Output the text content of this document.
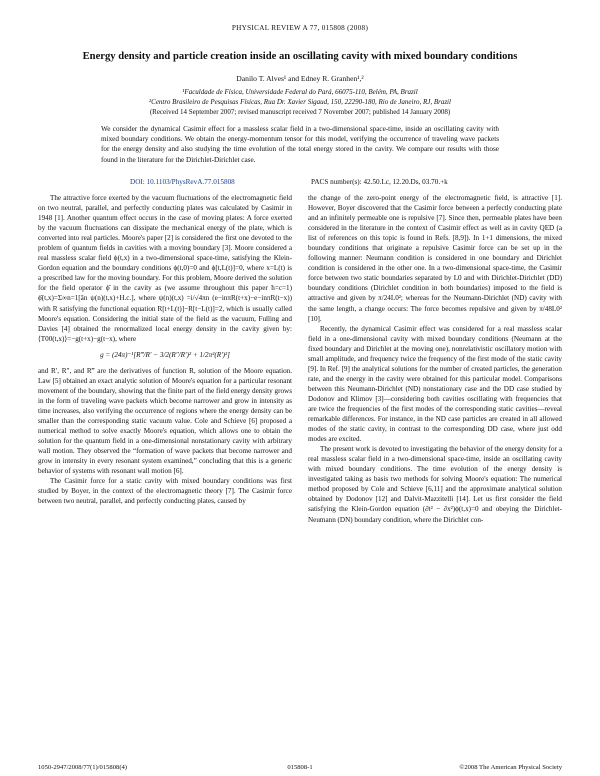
PHYSICAL REVIEW A 77, 015808 (2008)
Energy density and particle creation inside an oscillating cavity with mixed boundary conditions
Danilo T. Alves¹ and Edney R. Granhen¹,²
¹Faculdade de Física, Universidade Federal do Pará, 66075-110, Belém, PA, Brazil
²Centro Brasileiro de Pesquisas Físicas, Rua Dr. Xavier Sigaud, 150, 22290-180, Rio de Janeiro, RJ, Brazil
(Received 14 September 2007; revised manuscript received 7 November 2007; published 14 January 2008)
We consider the dynamical Casimir effect for a massless scalar field in a two-dimensional space-time, inside an oscillating cavity with mixed boundary conditions. We obtain the energy-momentum tensor for this model, verifying the occurrence of traveling wave packets for the energy density and also studying the time evolution of the total energy stored in the cavity. We compare our results with those found in the literature for the Dirichlet-Dirichlet case.
DOI: 10.1103/PhysRevA.77.015808	PACS number(s): 42.50.Lc, 12.20.Ds, 03.70.+k

The attractive force exerted by the vacuum fluctuations of the electromagnetic field on two neutral, parallel, and perfectly conducting plates was calculated by Casimir in 1948 [1]. Another quantum effect occurs in the case of moving plates: A force exerted by the vacuum fluctuations can dissipate the mechanical energy of the plate, which is converted into real particles. Moore's paper [2] is considered the first one devoted to the problem of quantum fields in cavities with a moving boundary [3]. Moore considered a real massless scalar field ϕ(t,x) in a two-dimensional space-time, satisfying the Klein-Gordon equation and the boundary conditions ϕ(t,0)=0 and ϕ[t,L(t)]=0, where x=L(t) is a prescribed law for the moving boundary. For this problem, Moore derived the solution for the field operator ϕ̂ in the cavity as (we assume throughout this paper ħ=c=1) ϕ̂(t,x)=Σ∞n=1[ân ψ(n)(t,x)+H.c.], where ψ(n)(t,x) =i/√4πn (e−inπR(t+x)−e−inπR(t−x)) with R satisfying the functional equation R[t+L(t)]−R[t−L(t)]=2, which is usually called Moore's equation. Considering the initial state of the field as the vacuum, Fulling and Davies [4] obtained the renormalized local energy density in the cavity given by: ⟨T00(t,x)⟩=−g(t+x)−g(t−x), where

g = (24π)⁻¹[R‴/R′ − 3/2(R″/R′)² + 1/2π²(R′)²]

and R′, R″, and R‴ are the derivatives of function R, solution of the Moore equation. Law [5] obtained an exact analytic solution of Moore's equation for a particular resonant movement of the boundary, showing that the finite part of the field energy density grows in the form of traveling wave packets which become narrower and grow in intensity as time increases, also verifying the occurrence of regions where the energy density can be smaller than the corresponding static vacuum value. Cole and Schieve [6] proposed a numerical method to solve exactly Moore's equation, which allows one to obtain the solution for the quantum field in a one-dimensional nonstationary cavity with arbitrary wall motion. They observed the “formation of wave packets that become narrower and grow in intensity in every resonant system examined,” concluding that this is a generic behavior of systems with resonant wall motion [6].

The Casimir force for a static cavity with mixed boundary conditions was first studied by Boyer, in the context of the electromagnetic theory [7]. The Casimir force between two neutral, parallel, and perfectly conducting plates, caused by

the change of the zero-point energy of the electromagnetic field, is attractive [1]. However, Boyer discovered that the Casimir force between a perfectly conducting plate and an infinitely permeable one is repulsive [7]. Since then, permeable plates have been considered in the literature in the context of Casimir effect as well as in cavity QED (a list of references on this topic is found in Refs. [8,9]). In 1+1 dimensions, the mixed boundary conditions that originate a repulsive Casimir force can be set up in the following manner: Neumann condition is considered in one boundary and Dirichlet condition is considered in the other one. In a two-dimensional space-time, the Casimir force between two static boundaries separated by L0 and with Dirichlet-Dirichlet (DD) boundary conditions (Dirichlet condition in both boundaries) imposed to the field is attractive and given by π/24L0²; whereas for the Neumann-Dirichlet (ND) cavity with the same length, a change occurs: The force becomes repulsive and given by π/48L0² [10].

Recently, the dynamical Casimir effect was considered for a real massless scalar field in a one-dimensional cavity with mixed boundary conditions (Neumann at the fixed boundary and Dirichlet at the moving one), nonrelativistic oscillatory motion with small amplitude, and frequency twice the frequency of the first mode of the static cavity [9]. In Ref. [9] the analytical solutions for the number of created particles, the generation rate, and the energy in the cavity were obtained for this particular model. Comparisons between this Neumann-Dirichlet (ND) nonstationary case and the DD case studied by Dodonov and Klimov [3]—considering both cavities oscillating with frequencies that are twice the frequencies of the first modes of the corresponding static cavities—reveal remarkable differences. For instance, in the ND case particles are created in all allowed modes of the static cavity, in contrast to the corresponding DD case, where just odd modes are excited.

The present work is devoted to investigating the behavior of the energy density for a real massless scalar field in a two-dimensional space-time, inside an oscillating cavity with mixed boundary conditions. The time evolution of the energy density is investigated taking as basis two methods for solving Moore's equation: The numerical method proposed by Cole and Schieve [6,11] and the approximate analytical solution obtained by Dodonov [12] and Dalvit-Mazzitelli [14]. Let us first consider the field satisfying the Klein-Gordon equation (∂t² − ∂x²)ϕ(t,x)=0 and obeying the Dirichlet-Neumann (DN) boundary condition, where the Dirichlet con-

1050-2947/2008/77(1)/015808(4)	015808-1	©2008 The American Physical Society
